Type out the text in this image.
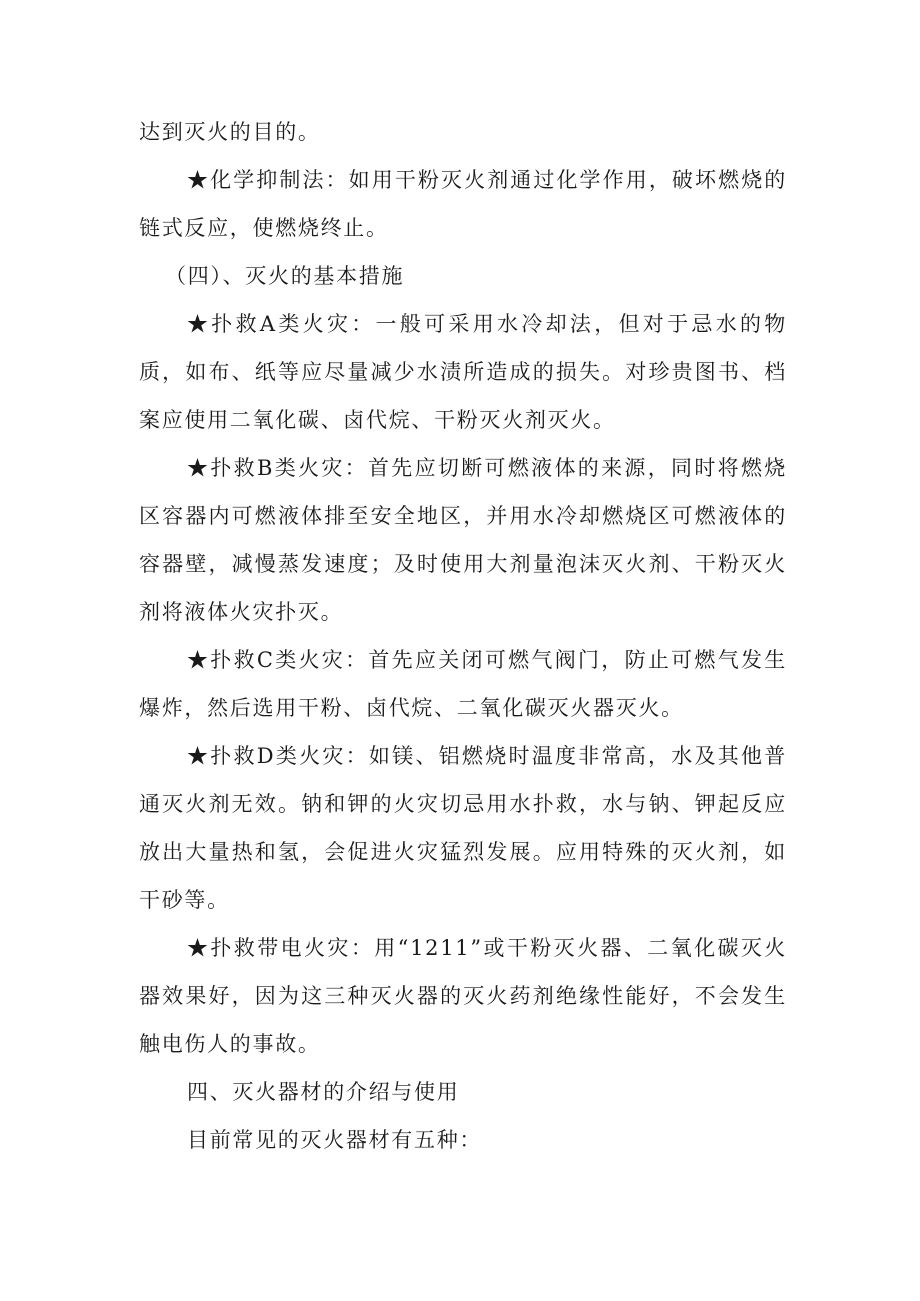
达到灭火的目的。

★化学抑制法：如用干粉灭火剂通过化学作用，破坏燃烧的链式反应，使燃烧终止。

（四）、灭火的基本措施

★扑救A类火灾：一般可采用水冷却法，但对于忌水的物质，如布、纸等应尽量减少水渍所造成的损失。对珍贵图书、档案应使用二氧化碳、卤代烷、干粉灭火剂灭火。

★扑救B类火灾：首先应切断可燃液体的来源，同时将燃烧区容器内可燃液体排至安全地区，并用水冷却燃烧区可燃液体的容器壁，减慢蒸发速度；及时使用大剂量泡沫灭火剂、干粉灭火剂将液体火灾扑灭。

★扑救C类火灾：首先应关闭可燃气阀门，防止可燃气发生爆炸，然后选用干粉、卤代烷、二氧化碳灭火器灭火。

★扑救D类火灾：如镁、铝燃烧时温度非常高，水及其他普通灭火剂无效。钠和钾的火灾切忌用水扑救，水与钠、钾起反应放出大量热和氢，会促进火灾猛烈发展。应用特殊的灭火剂，如干砂等。

★扑救带电火灾：用“1211”或干粉灭火器、二氧化碳灭火器效果好，因为这三种灭火器的灭火药剂绝缘性能好，不会发生触电伤人的事故。

四、灭火器材的介绍与使用

目前常见的灭火器材有五种：
